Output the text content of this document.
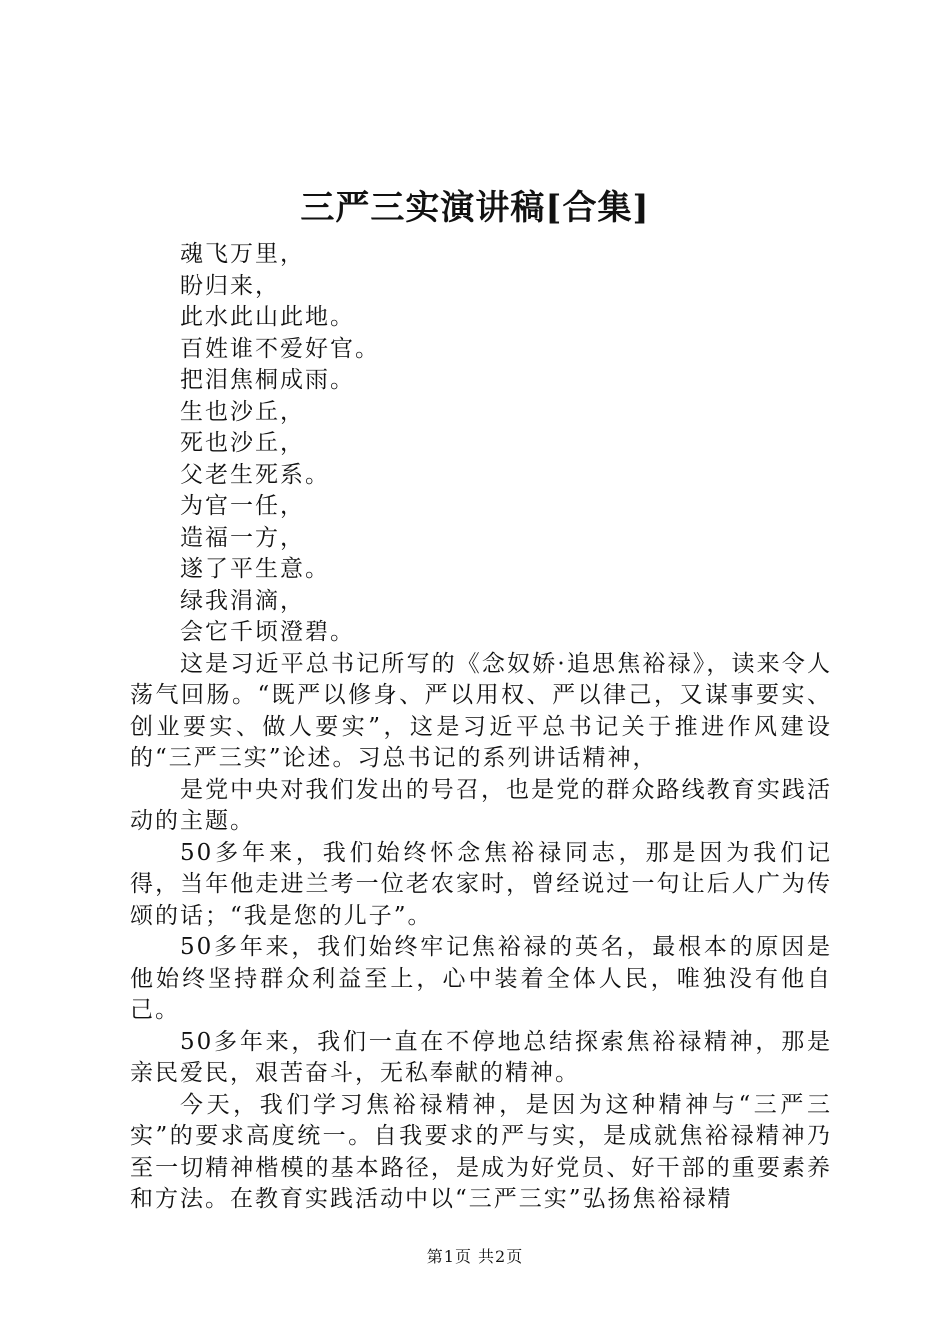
三严三实演讲稿[合集]

魂飞万里，

盼归来，

此水此山此地。

百姓谁不爱好官。

把泪焦桐成雨。

生也沙丘，

死也沙丘，

父老生死系。

为官一任，

造福一方，

遂了平生意。

绿我涓滴，

会它千顷澄碧。

这是习近平总书记所写的《念奴娇·追思焦裕禄》，读来令人荡气回肠。“既严以修身、严以用权、严以律己，又谋事要实、创业要实、做人要实”，这是习近平总书记关于推进作风建设的“三严三实”论述。习总书记的系列讲话精神，

是党中央对我们发出的号召，也是党的群众路线教育实践活动的主题。

50多年来，我们始终怀念焦裕禄同志，那是因为我们记得，当年他走进兰考一位老农家时，曾经说过一句让后人广为传颂的话；“我是您的儿子”。

50多年来，我们始终牢记焦裕禄的英名，最根本的原因是他始终坚持群众利益至上，心中装着全体人民，唯独没有他自己。

50多年来，我们一直在不停地总结探索焦裕禄精神，那是亲民爱民，艰苦奋斗，无私奉献的精神。

今天，我们学习焦裕禄精神，是因为这种精神与“三严三实”的要求高度统一。自我要求的严与实，是成就焦裕禄精神乃至一切精神楷模的基本路径，是成为好党员、好干部的重要素养和方法。在教育实践活动中以“三严三实”弘扬焦裕禄精

第1页 共2页
